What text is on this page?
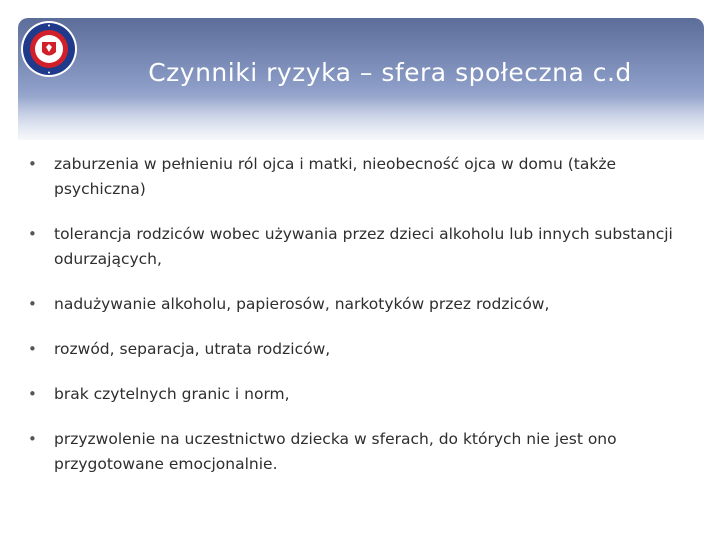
Czynniki ryzyka – sfera społeczna c.d
• zaburzenia w pełnieniu ról ojca i matki, nieobecność ojca w domu (także psychiczna)
• tolerancja rodziców wobec używania przez dzieci alkoholu lub innych substancji odurzających,
• nadużywanie alkoholu, papierosów, narkotyków przez rodziców,
• rozwód, separacja, utrata rodziców,
• brak czytelnych granic i norm,
• przyzwolenie na uczestnictwo dziecka w sferach, do których nie jest ono przygotowane emocjonalnie.
